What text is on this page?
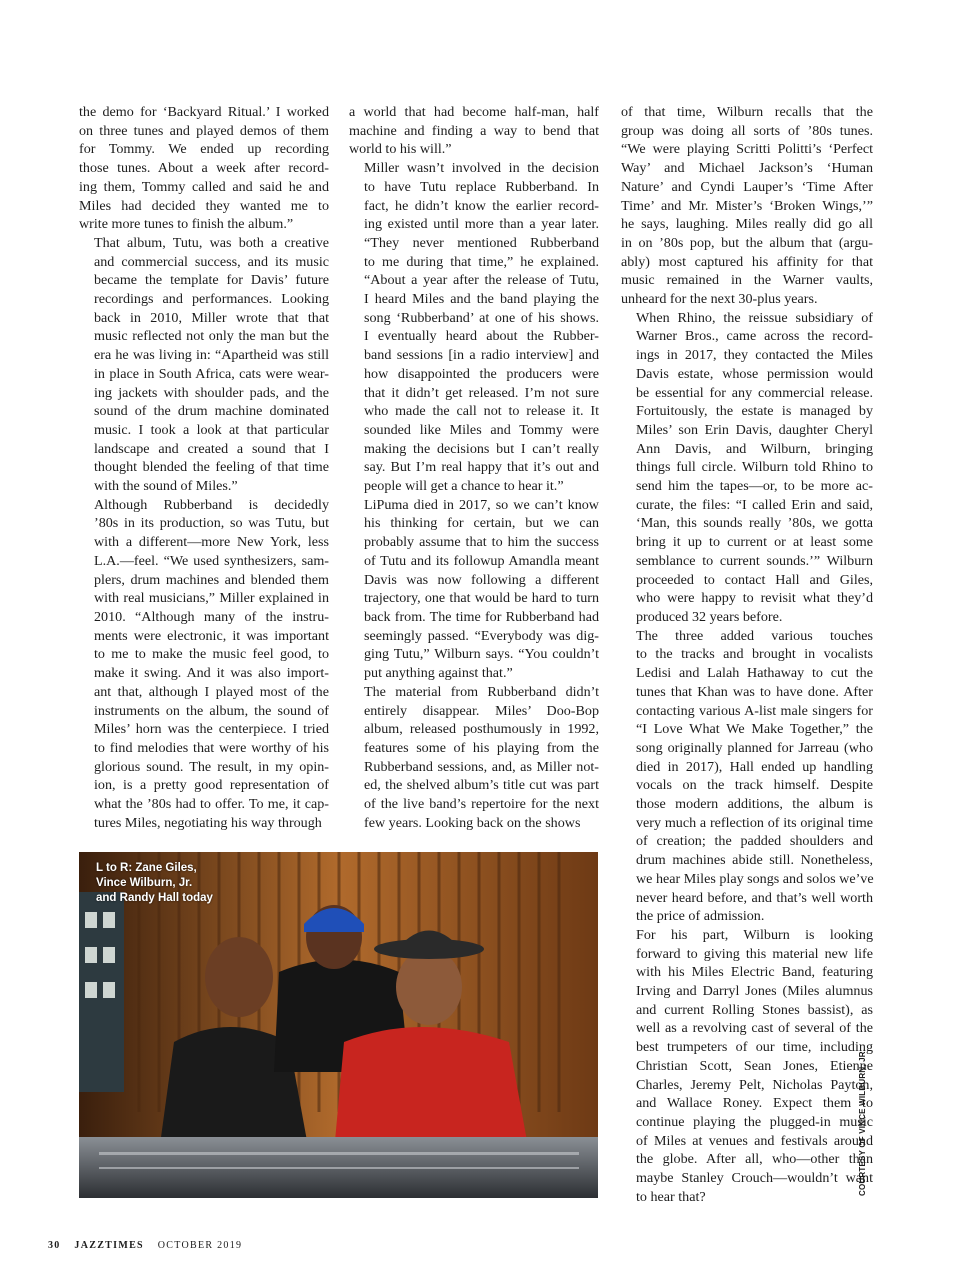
the demo for ‘Backyard Ritual.’ I worked
on three tunes and played demos of them
for Tommy. We ended up recording
those tunes. About a week after record-
ing them, Tommy called and said he and
Miles had decided they wanted me to
write more tunes to finish the album.”

That album, Tutu, was both a creative
and commercial success, and its music
became the template for Davis’ future
recordings and performances. Looking
back in 2010, Miller wrote that that
music reflected not only the man but the
era he was living in: “Apartheid was still
in place in South Africa, cats were wear-
ing jackets with shoulder pads, and the
sound of the drum machine dominated
music. I took a look at that particular
landscape and created a sound that I
thought blended the feeling of that time
with the sound of Miles.”

Although Rubberband is decidedly
’80s in its production, so was Tutu, but
with a different—more New York, less
L.A.—feel. “We used synthesizers, sam-
plers, drum machines and blended them
with real musicians,” Miller explained in
2010. “Although many of the instru-
ments were electronic, it was important
to me to make the music feel good, to
make it swing. And it was also import-
ant that, although I played most of the
instruments on the album, the sound of
Miles’ horn was the centerpiece. I tried
to find melodies that were worthy of his
glorious sound. The result, in my opin-
ion, is a pretty good representation of
what the ’80s had to offer. To me, it cap-
tures Miles, negotiating his way through

a world that had become half-man, half
machine and finding a way to bend that
world to his will.”

Miller wasn’t involved in the decision
to have Tutu replace Rubberband. In
fact, he didn’t know the earlier record-
ing existed until more than a year later.
“They never mentioned Rubberband
to me during that time,” he explained.
“About a year after the release of Tutu,
I heard Miles and the band playing the
song ‘Rubberband’ at one of his shows.
I eventually heard about the Rubber-
band sessions [in a radio interview] and
how disappointed the producers were
that it didn’t get released. I’m not sure
who made the call not to release it. It
sounded like Miles and Tommy were
making the decisions but I can’t really
say. But I’m real happy that it’s out and
people will get a chance to hear it.”

LiPuma died in 2017, so we can’t know
his thinking for certain, but we can
probably assume that to him the success
of Tutu and its followup Amandla meant
Davis was now following a different
trajectory, one that would be hard to turn
back from. The time for Rubberband had
seemingly passed. “Everybody was dig-
ging Tutu,” Wilburn says. “You couldn’t
put anything against that.”

The material from Rubberband didn’t
entirely disappear. Miles’ Doo-Bop
album, released posthumously in 1992,
features some of his playing from the
Rubberband sessions, and, as Miller not-
ed, the shelved album’s title cut was part
of the live band’s repertoire for the next
few years. Looking back on the shows

of that time, Wilburn recalls that the
group was doing all sorts of ’80s tunes.
“We were playing Scritti Politti’s ‘Perfect
Way’ and Michael Jackson’s ‘Human
Nature’ and Cyndi Lauper’s ‘Time After
Time’ and Mr. Mister’s ‘Broken Wings,’”
he says, laughing. Miles really did go all
in on ’80s pop, but the album that (argu-
ably) most captured his affinity for that
music remained in the Warner vaults,
unheard for the next 30-plus years.

When Rhino, the reissue subsidiary of
Warner Bros., came across the record-
ings in 2017, they contacted the Miles
Davis estate, whose permission would
be essential for any commercial release.
Fortuitously, the estate is managed by
Miles’ son Erin Davis, daughter Cheryl
Ann Davis, and Wilburn, bringing
things full circle. Wilburn told Rhino to
send him the tapes—or, to be more ac-
curate, the files: “I called Erin and said,
‘Man, this sounds really ’80s, we gotta
bring it up to current or at least some
semblance to current sounds.’” Wilburn
proceeded to contact Hall and Giles,
who were happy to revisit what they’d
produced 32 years before.

The three added various touches
to the tracks and brought in vocalists
Ledisi and Lalah Hathaway to cut the
tunes that Khan was to have done. After
contacting various A-list male singers for
“I Love What We Make Together,” the
song originally planned for Jarreau (who
died in 2017), Hall ended up handling
vocals on the track himself. Despite
those modern additions, the album is
very much a reflection of its original time
of creation; the padded shoulders and
drum machines abide still. Nonetheless,
we hear Miles play songs and solos we’ve
never heard before, and that’s well worth
the price of admission.

For his part, Wilburn is looking
forward to giving this material new life
with his Miles Electric Band, featuring
Irving and Darryl Jones (Miles alumnus
and current Rolling Stones bassist), as
well as a revolving cast of several of the
best trumpeters of our time, including
Christian Scott, Sean Jones, Etienne
Charles, Jeremy Pelt, Nicholas Payton,
and Wallace Roney. Expect them to
continue playing the plugged-in music
of Miles at venues and festivals around
the globe. After all, who—other than
maybe Stanley Crouch—wouldn’t want
to hear that?

L to R: Zane Giles,
Vince Wilburn, Jr.
and Randy Hall today
COURTESY OF VINCE WILBURN, JR.
30 JAZZTIMES OCTOBER 2019
